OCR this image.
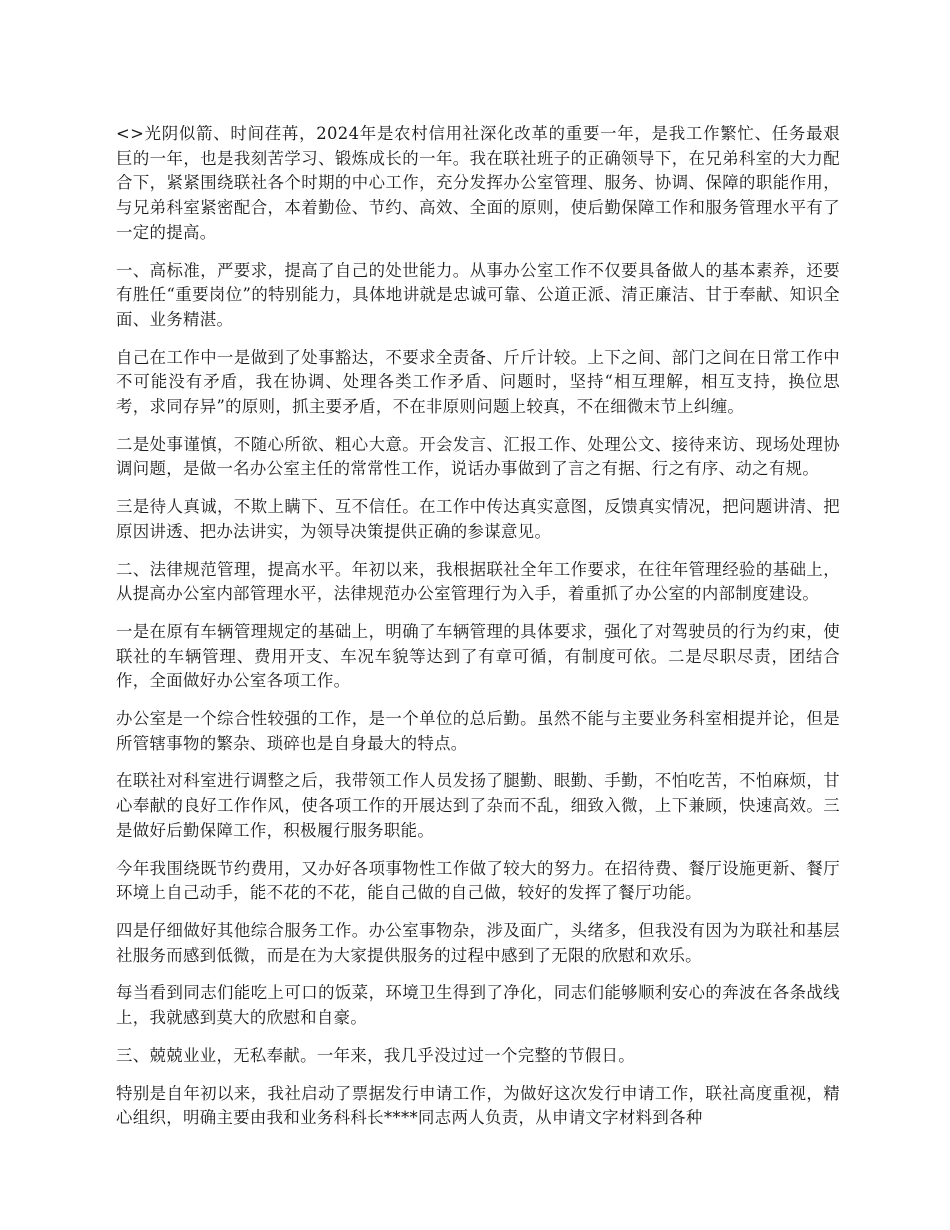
<>光阴似箭、时间荏苒，2024年是农村信用社深化改革的重要一年，是我工作繁忙、任务最艰巨的一年，也是我刻苦学习、锻炼成长的一年。我在联社班子的正确领导下，在兄弟科室的大力配合下，紧紧围绕联社各个时期的中心工作，充分发挥办公室管理、服务、协调、保障的职能作用，与兄弟科室紧密配合，本着勤俭、节约、高效、全面的原则，使后勤保障工作和服务管理水平有了一定的提高。

一、高标准，严要求，提高了自己的处世能力。从事办公室工作不仅要具备做人的基本素养，还要有胜任“重要岗位”的特别能力，具体地讲就是忠诚可靠、公道正派、清正廉洁、甘于奉献、知识全面、业务精湛。

自己在工作中一是做到了处事豁达，不要求全责备、斤斤计较。上下之间、部门之间在日常工作中不可能没有矛盾，我在协调、处理各类工作矛盾、问题时，坚持“相互理解，相互支持，换位思考，求同存异”的原则，抓主要矛盾，不在非原则问题上较真，不在细微末节上纠缠。

二是处事谨慎，不随心所欲、粗心大意。开会发言、汇报工作、处理公文、接待来访、现场处理协调问题，是做一名办公室主任的常常性工作，说话办事做到了言之有据、行之有序、动之有规。

三是待人真诚，不欺上瞒下、互不信任。在工作中传达真实意图，反馈真实情况，把问题讲清、把原因讲透、把办法讲实，为领导决策提供正确的参谋意见。

二、法律规范管理，提高水平。年初以来，我根据联社全年工作要求，在往年管理经验的基础上，从提高办公室内部管理水平，法律规范办公室管理行为入手，着重抓了办公室的内部制度建设。

一是在原有车辆管理规定的基础上，明确了车辆管理的具体要求，强化了对驾驶员的行为约束，使联社的车辆管理、费用开支、车况车貌等达到了有章可循，有制度可依。二是尽职尽责，团结合作，全面做好办公室各项工作。

办公室是一个综合性较强的工作，是一个单位的总后勤。虽然不能与主要业务科室相提并论，但是所管辖事物的繁杂、琐碎也是自身最大的特点。

在联社对科室进行调整之后，我带领工作人员发扬了腿勤、眼勤、手勤，不怕吃苦，不怕麻烦，甘心奉献的良好工作作风，使各项工作的开展达到了杂而不乱，细致入微，上下兼顾，快速高效。三是做好后勤保障工作，积极履行服务职能。

今年我围绕既节约费用，又办好各项事物性工作做了较大的努力。在招待费、餐厅设施更新、餐厅环境上自己动手，能不花的不花，能自己做的自己做，较好的发挥了餐厅功能。

四是仔细做好其他综合服务工作。办公室事物杂，涉及面广，头绪多，但我没有因为为联社和基层社服务而感到低微，而是在为大家提供服务的过程中感到了无限的欣慰和欢乐。

每当看到同志们能吃上可口的饭菜，环境卫生得到了净化，同志们能够顺利安心的奔波在各条战线上，我就感到莫大的欣慰和自豪。

三、兢兢业业，无私奉献。一年来，我几乎没过过一个完整的节假日。

特别是自年初以来，我社启动了票据发行申请工作，为做好这次发行申请工作，联社高度重视，精心组织，明确主要由我和业务科科长****同志两人负责，从申请文字材料到各种
